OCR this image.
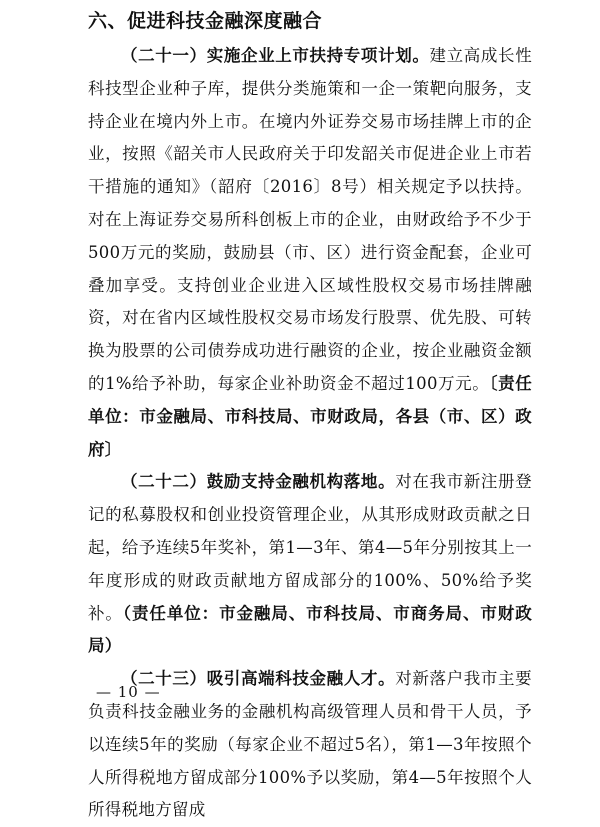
六、促进科技金融深度融合

（二十一）实施企业上市扶持专项计划。建立高成长性科技型企业种子库，提供分类施策和一企一策靶向服务，支持企业在境内外上市。在境内外证券交易市场挂牌上市的企业，按照《韶关市人民政府关于印发韶关市促进企业上市若干措施的通知》（韶府〔2016〕8号）相关规定予以扶持。对在上海证券交易所科创板上市的企业，由财政给予不少于500万元的奖励，鼓励县（市、区）进行资金配套，企业可叠加享受。支持创业企业进入区域性股权交易市场挂牌融资，对在省内区域性股权交易市场发行股票、优先股、可转换为股票的公司债券成功进行融资的企业，按企业融资金额的1%给予补助，每家企业补助资金不超过100万元。〔责任单位：市金融局、市科技局、市财政局，各县（市、区）政府〕

（二十二）鼓励支持金融机构落地。对在我市新注册登记的私募股权和创业投资管理企业，从其形成财政贡献之日起，给予连续5年奖补，第1—3年、第4—5年分别按其上一年度形成的财政贡献地方留成部分的100%、50%给予奖补。（责任单位：市金融局、市科技局、市商务局、市财政局）

（二十三）吸引高端科技金融人才。对新落户我市主要负责科技金融业务的金融机构高级管理人员和骨干人员，予以连续5年的奖励（每家企业不超过5名），第1—3年按照个人所得税地方留成部分100%予以奖励，第4—5年按照个人所得税地方留成

— 10 —
